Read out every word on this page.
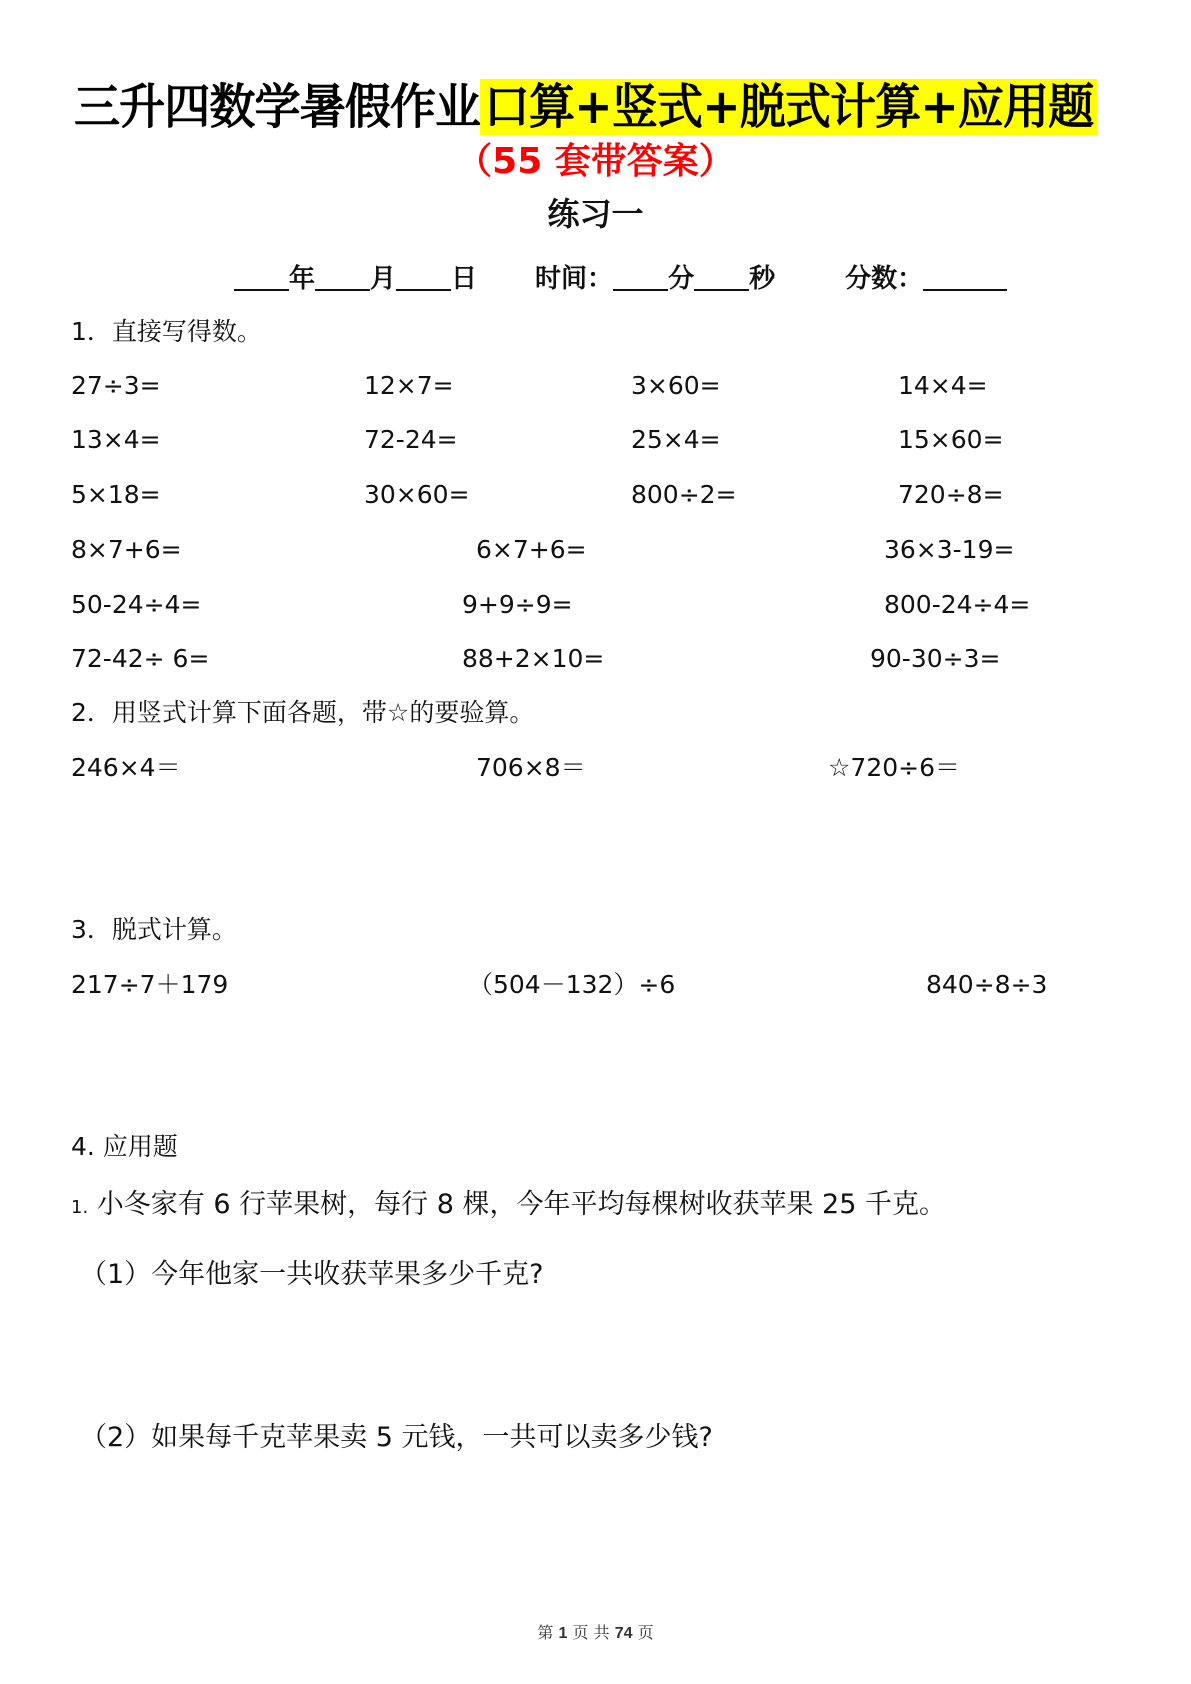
三升四数学暑假作业口算+竖式+脱式计算+应用题
（55 套带答案）
练习一
年 月 日 时间： 分 秒	分数：
1．直接写得数。
27÷3=	12×7=	3×60=	14×4=
13×4=	72-24=	25×4=	15×60=
5×18=	30×60=	800÷2=	720÷8=
8×7+6=	6×7+6=	36×3-19=
50-24÷4=	9+9÷9=	800-24÷4=
72-42÷ 6=	88+2×10=	90-30÷3=
2．用竖式计算下面各题，带☆的要验算。
246×4＝	706×8＝	☆720÷6＝
3．脱式计算。
217÷7＋179	（504－132）÷6	840÷8÷3
4. 应用题
1. 小冬家有 6 行苹果树，每行 8 棵，今年平均每棵树收获苹果 25 千克。
（1）今年他家一共收获苹果多少千克?
（2）如果每千克苹果卖 5 元钱，一共可以卖多少钱?
第 1 页 共 74 页
